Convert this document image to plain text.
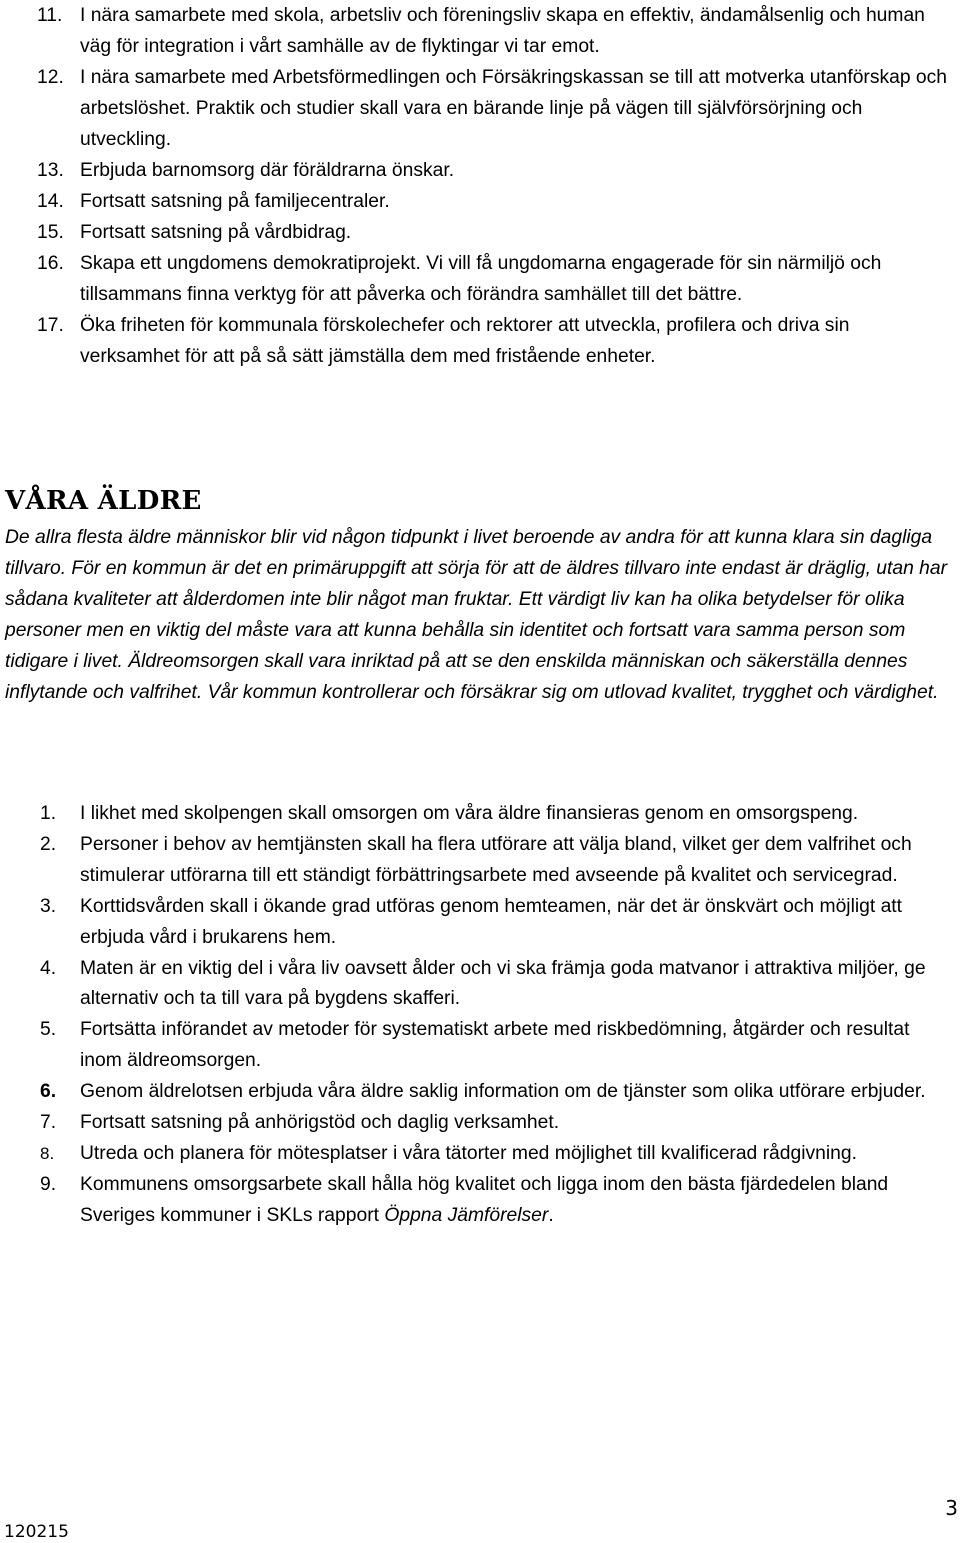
11. I nära samarbete med skola, arbetsliv och föreningsliv skapa en effektiv, ändamålsenlig och human väg för integration i vårt samhälle av de flyktingar vi tar emot.
12. I nära samarbete med Arbetsförmedlingen och Försäkringskassan se till att motverka utanförskap och arbetslöshet. Praktik och studier skall vara en bärande linje på vägen till självförsörjning och utveckling.
13. Erbjuda barnomsorg där föräldrarna önskar.
14. Fortsatt satsning på familjecentraler.
15. Fortsatt satsning på vårdbidrag.
16. Skapa ett ungdomens demokratiprojekt. Vi vill få ungdomarna engagerade för sin närmiljö och tillsammans finna verktyg för att påverka och förändra samhället till det bättre.
17. Öka friheten för kommunala förskolechefer och rektorer att utveckla, profilera och driva sin verksamhet för att på så sätt jämställa dem med fristående enheter.
VÅRA ÄLDRE
De allra flesta äldre människor blir vid någon tidpunkt i livet beroende av andra för att kunna klara sin dagliga tillvaro. För en kommun är det en primäruppgift att sörja för att de äldres tillvaro inte endast är dräglig, utan har sådana kvaliteter att ålderdomen inte blir något man fruktar. Ett värdigt liv kan ha olika betydelser för olika personer men en viktig del måste vara att kunna behålla sin identitet och fortsatt vara samma person som tidigare i livet. Äldreomsorgen skall vara inriktad på att se den enskilda människan och säkerställa dennes inflytande och valfrihet. Vår kommun kontrollerar och försäkrar sig om utlovad kvalitet, trygghet och värdighet.
1. I likhet med skolpengen skall omsorgen om våra äldre finansieras genom en omsorgspeng.
2. Personer i behov av hemtjänsten skall ha flera utförare att välja bland, vilket ger dem valfrihet och stimulerar utförarna till ett ständigt förbättringsarbete med avseende på kvalitet och servicegrad.
3. Korttidsvården skall i ökande grad utföras genom hemteamen, när det är önskvärt och möjligt att erbjuda vård i brukarens hem.
4. Maten är en viktig del i våra liv oavsett ålder och vi ska främja goda matvanor i attraktiva miljöer, ge alternativ och ta till vara på bygdens skafferi.
5. Fortsätta införandet av metoder för systematiskt arbete med riskbedömning, åtgärder och resultat inom äldreomsorgen.
6. Genom äldrelotsen erbjuda våra äldre saklig information om de tjänster som olika utförare erbjuder.
7. Fortsatt satsning på anhörigstöd och daglig verksamhet.
8. Utreda och planera för mötesplatser i våra tätorter med möjlighet till kvalificerad rådgivning.
9. Kommunens omsorgsarbete skall hålla hög kvalitet och ligga inom den bästa fjärdedelen bland Sveriges kommuner i SKLs rapport Öppna Jämförelser.
120215
3
